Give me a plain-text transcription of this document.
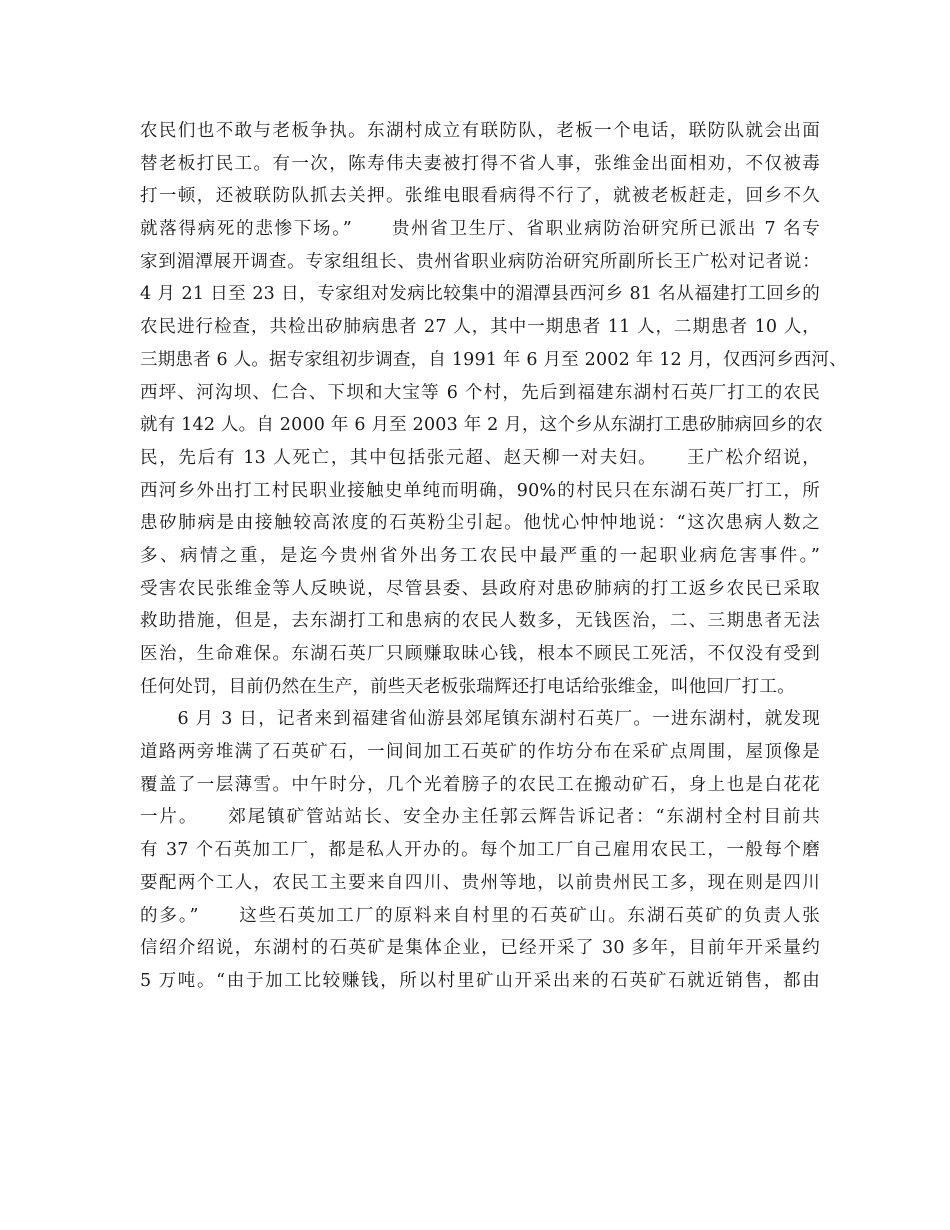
农民们也不敢与老板争执。东湖村成立有联防队，老板一个电话，联防队就会出面
替老板打民工。有一次，陈寿伟夫妻被打得不省人事，张维金出面相劝，不仅被毒
打一顿，还被联防队抓去关押。张维电眼看病得不行了，就被老板赶走，回乡不久
就落得病死的悲惨下场。”　　贵州省卫生厅、省职业病防治研究所已派出 7 名专
家到湄潭展开调查。专家组组长、贵州省职业病防治研究所副所长王广松对记者说：
4 月 21 日至 23 日，专家组对发病比较集中的湄潭县西河乡 81 名从福建打工回乡的
农民进行检查，共检出矽肺病患者 27 人，其中一期患者 11 人，二期患者 10 人，
三期患者 6 人。据专家组初步调查，自 1991 年 6 月至 2002 年 12 月，仅西河乡西河、
西坪、河沟坝、仁合、下坝和大宝等 6 个村，先后到福建东湖村石英厂打工的农民
就有 142 人。自 2000 年 6 月至 2003 年 2 月，这个乡从东湖打工患矽肺病回乡的农
民，先后有 13 人死亡，其中包括张元超、赵天柳一对夫妇。　　王广松介绍说，
西河乡外出打工村民职业接触史单纯而明确，90%的村民只在东湖石英厂打工，所
患矽肺病是由接触较高浓度的石英粉尘引起。他忧心忡忡地说：“这次患病人数之
多、病情之重，是迄今贵州省外出务工农民中最严重的一起职业病危害事件。”
受害农民张维金等人反映说，尽管县委、县政府对患矽肺病的打工返乡农民已采取
救助措施，但是，去东湖打工和患病的农民人数多，无钱医治，二、三期患者无法
医治，生命难保。东湖石英厂只顾赚取昧心钱，根本不顾民工死活，不仅没有受到
任何处罚，目前仍然在生产，前些天老板张瑞辉还打电话给张维金，叫他回厂打工。
　　6 月 3 日，记者来到福建省仙游县郊尾镇东湖村石英厂。一进东湖村，就发现
道路两旁堆满了石英矿石，一间间加工石英矿的作坊分布在采矿点周围，屋顶像是
覆盖了一层薄雪。中午时分，几个光着膀子的农民工在搬动矿石，身上也是白花花
一片。　　郊尾镇矿管站站长、安全办主任郭云辉告诉记者：“东湖村全村目前共
有 37 个石英加工厂，都是私人开办的。每个加工厂自己雇用农民工，一般每个磨
要配两个工人，农民工主要来自四川、贵州等地，以前贵州民工多，现在则是四川
的多。”　　这些石英加工厂的原料来自村里的石英矿山。东湖石英矿的负责人张
信绍介绍说，东湖村的石英矿是集体企业，已经开采了 30 多年，目前年开采量约
5 万吨。“由于加工比较赚钱，所以村里矿山开采出来的石英矿石就近销售，都由
